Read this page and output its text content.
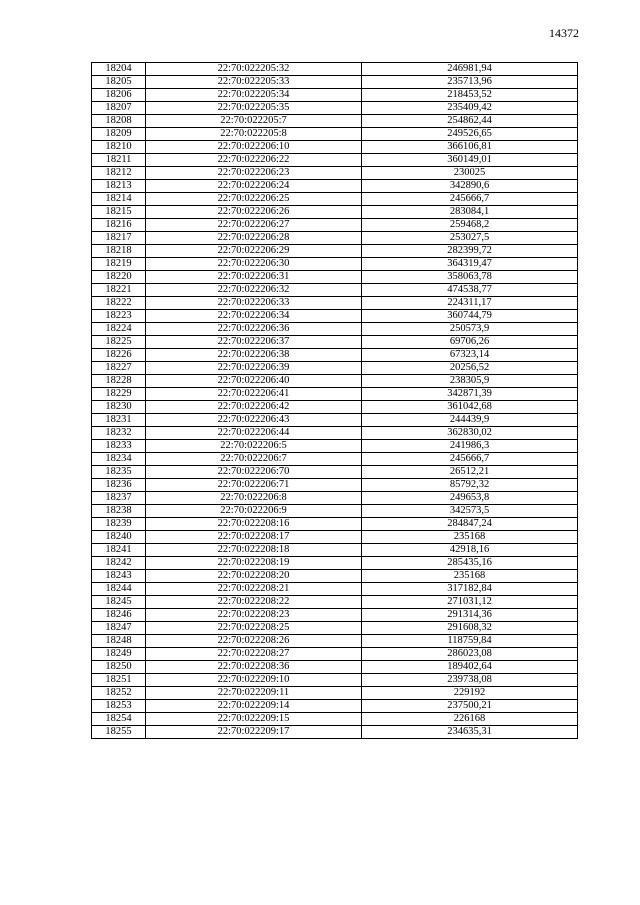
14372
18204	22:70:022205:32	246981,94
18205	22:70:022205:33	235713,96
18206	22:70:022205:34	218453,52
18207	22:70:022205:35	235409,42
18208	22:70:022205:7	254862,44
18209	22:70:022205:8	249526,65
18210	22:70:022206:10	366106,81
18211	22:70:022206:22	360149,01
18212	22:70:022206:23	230025
18213	22:70:022206:24	342890,6
18214	22:70:022206:25	245666,7
18215	22:70:022206:26	283084,1
18216	22:70:022206:27	259468,2
18217	22:70:022206:28	253027,5
18218	22:70:022206:29	282399,72
18219	22:70:022206:30	364319,47
18220	22:70:022206:31	358063,78
18221	22:70:022206:32	474538,77
18222	22:70:022206:33	224311,17
18223	22:70:022206:34	360744,79
18224	22:70:022206:36	250573,9
18225	22:70:022206:37	69706,26
18226	22:70:022206:38	67323,14
18227	22:70:022206:39	20256,52
18228	22:70:022206:40	238305,9
18229	22:70:022206:41	342871,39
18230	22:70:022206:42	361042,68
18231	22:70:022206:43	244439,9
18232	22:70:022206:44	362830,02
18233	22:70:022206:5	241986,3
18234	22:70:022206:7	245666,7
18235	22:70:022206:70	26512,21
18236	22:70:022206:71	85792,32
18237	22:70:022206:8	249653,8
18238	22:70:022206:9	342573,5
18239	22:70:022208:16	284847,24
18240	22:70:022208:17	235168
18241	22:70:022208:18	42918,16
18242	22:70:022208:19	285435,16
18243	22:70:022208:20	235168
18244	22:70:022208:21	317182,84
18245	22:70:022208:22	271031,12
18246	22:70:022208:23	291314,36
18247	22:70:022208:25	291608,32
18248	22:70:022208:26	118759,84
18249	22:70:022208:27	286023,08
18250	22:70:022208:36	189402,64
18251	22:70:022209:10	239738,08
18252	22:70:022209:11	229192
18253	22:70:022209:14	237500,21
18254	22:70:022209:15	226168
18255	22:70:022209:17	234635,31
